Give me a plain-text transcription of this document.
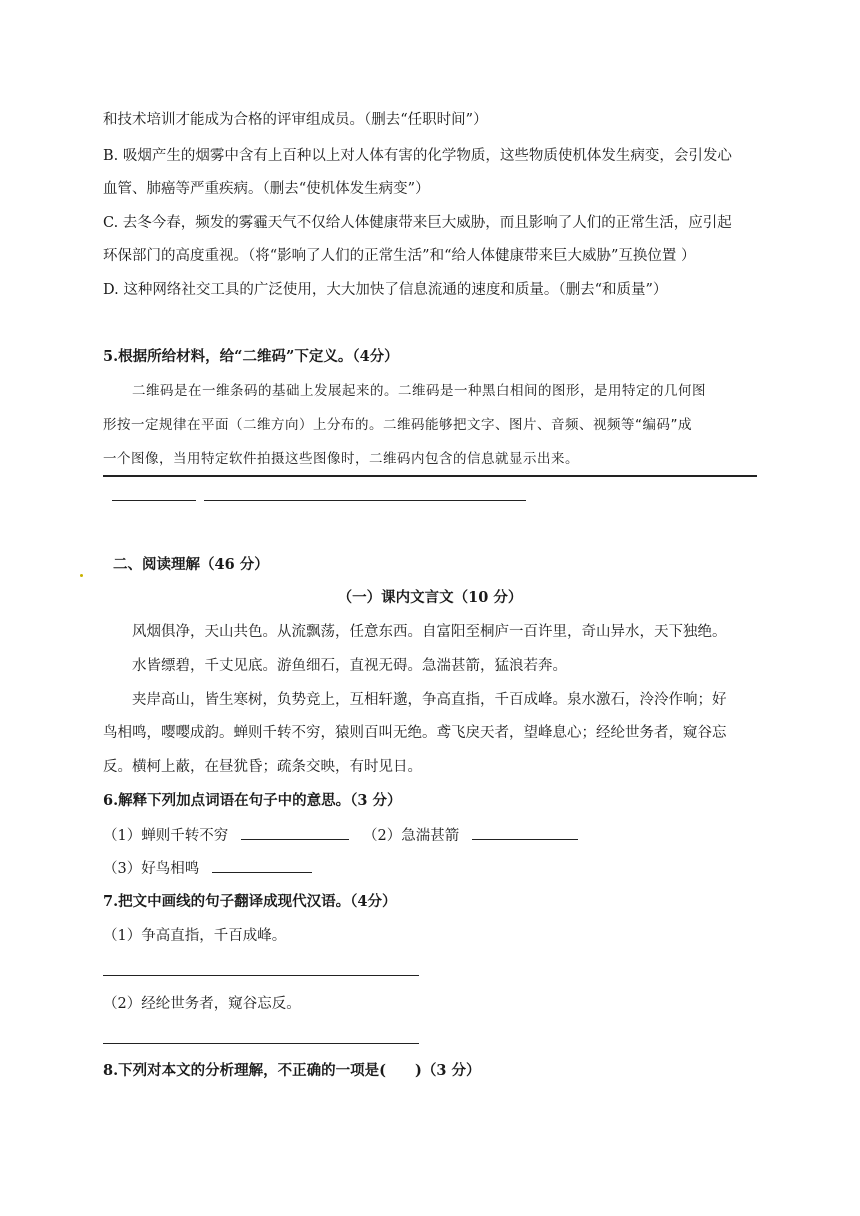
和技术培训才能成为合格的评审组成员。（删去“任职时间”）
B. 吸烟产生的烟雾中含有上百种以上对人体有害的化学物质，这些物质使机体发生病变，会引发心
血管、肺癌等严重疾病。（删去“使机体发生病变”）
C. 去冬今春，频发的雾霾天气不仅给人体健康带来巨大威胁，而且影响了人们的正常生活，应引起
环保部门的高度重视。（将“影响了人们的正常生活”和“给人体健康带来巨大威胁”互换位置 ）
D. 这种网络社交工具的广泛使用，大大加快了信息流通的速度和质量。（删去“和质量”）
5.根据所给材料，给“二维码”下定义。（4分）
二维码是在一维条码的基础上发展起来的。二维码是一种黑白相间的图形，是用特定的几何图
形按一定规律在平面（二维方向）上分布的。二维码能够把文字、图片、音频、视频等“编码”成
一个图像，当用特定软件拍摄这些图像时，二维码内包含的信息就显示出来。
二、阅读理解（46 分）
（一）课内文言文（10 分）
风烟俱净，天山共色。从流飘荡，任意东西。自富阳至桐庐一百许里，奇山异水，天下独绝。
水皆缥碧，千丈见底。游鱼细石，直视无碍。急湍甚箭，猛浪若奔。
夹岸高山，皆生寒树，负势竞上，互相轩邈，争高直指，千百成峰。泉水激石，泠泠作响；好
鸟相鸣，嘤嘤成韵。蝉则千转不穷，猿则百叫无绝。鸢飞戾天者，望峰息心；经纶世务者，窥谷忘
反。横柯上蔽，在昼犹昏；疏条交映，有时见日。
6.解释下列加点词语在句子中的意思。（3 分）
（1）蝉则千转不穷	（2）急湍甚箭
（3）好鸟相鸣
7.把文中画线的句子翻译成现代汉语。（4分）
（1）争高直指，千百成峰。
（2）经纶世务者，窥谷忘反。
8.下列对本文的分析理解，不正确的一项是(　　)（3 分）
